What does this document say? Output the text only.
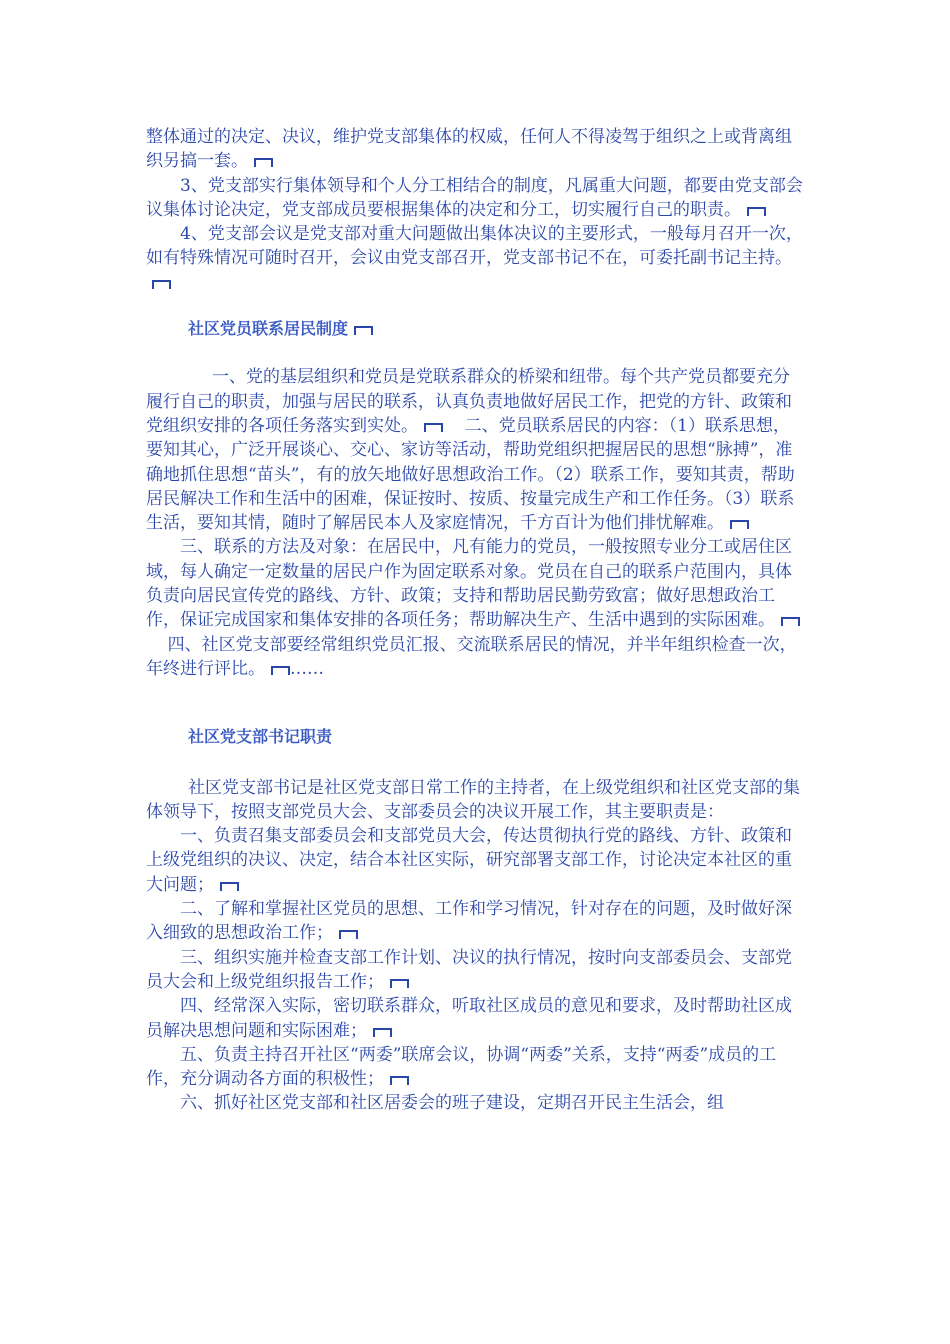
整体通过的决定、决议，维护党支部集体的权威，任何人不得凌驾于组织之上或背离组织另搞一套。

3、党支部实行集体领导和个人分工相结合的制度，凡属重大问题，都要由党支部会议集体讨论决定，党支部成员要根据集体的决定和分工，切实履行自己的职责。

4、党支部会议是党支部对重大问题做出集体决议的主要形式，一般每月召开一次，如有特殊情况可随时召开，会议由党支部召开，党支部书记不在，可委托副书记主持。

社区党员联系居民制度

一、党的基层组织和党员是党联系群众的桥梁和纽带。每个共产党员都要充分履行自己的职责，加强与居民的联系，认真负责地做好居民工作，把党的方针、政策和党组织安排的各项任务落实到实处。	二、党员联系居民的内容：（1）联系思想，要知其心，广泛开展谈心、交心、家访等活动，帮助党组织把握居民的思想“脉搏”，准确地抓住思想“苗头”，有的放矢地做好思想政治工作。（2）联系工作，要知其责，帮助居民解决工作和生活中的困难，保证按时、按质、按量完成生产和工作任务。（3）联系生活，要知其情，随时了解居民本人及家庭情况，千方百计为他们排忧解难。

三、联系的方法及对象：在居民中，凡有能力的党员，一般按照专业分工或居住区域，每人确定一定数量的居民户作为固定联系对象。党员在自己的联系户范围内，具体负责向居民宣传党的路线、方针、政策；支持和帮助居民勤劳致富；做好思想政治工作，保证完成国家和集体安排的各项任务；帮助解决生产、生活中遇到的实际困难。    四、社区党支部要经常组织党员汇报、交流联系居民的情况，并半年组织检查一次，年终进行评比。 ……

社区党支部书记职责

社区党支部书记是社区党支部日常工作的主持者，在上级党组织和社区党支部的集体领导下，按照支部党员大会、支部委员会的决议开展工作，其主要职责是：

一、负责召集支部委员会和支部党员大会，传达贯彻执行党的路线、方针、政策和上级党组织的决议、决定，结合本社区实际，研究部署支部工作，讨论决定本社区的重大问题；

二、了解和掌握社区党员的思想、工作和学习情况，针对存在的问题，及时做好深入细致的思想政治工作；

三、组织实施并检查支部工作计划、决议的执行情况，按时向支部委员会、支部党员大会和上级党组织报告工作；

四、经常深入实际，密切联系群众，听取社区成员的意见和要求，及时帮助社区成员解决思想问题和实际困难；

五、负责主持召开社区“两委”联席会议，协调“两委”关系，支持“两委”成员的工作，充分调动各方面的积极性；

六、抓好社区党支部和社区居委会的班子建设，定期召开民主生活会，组
